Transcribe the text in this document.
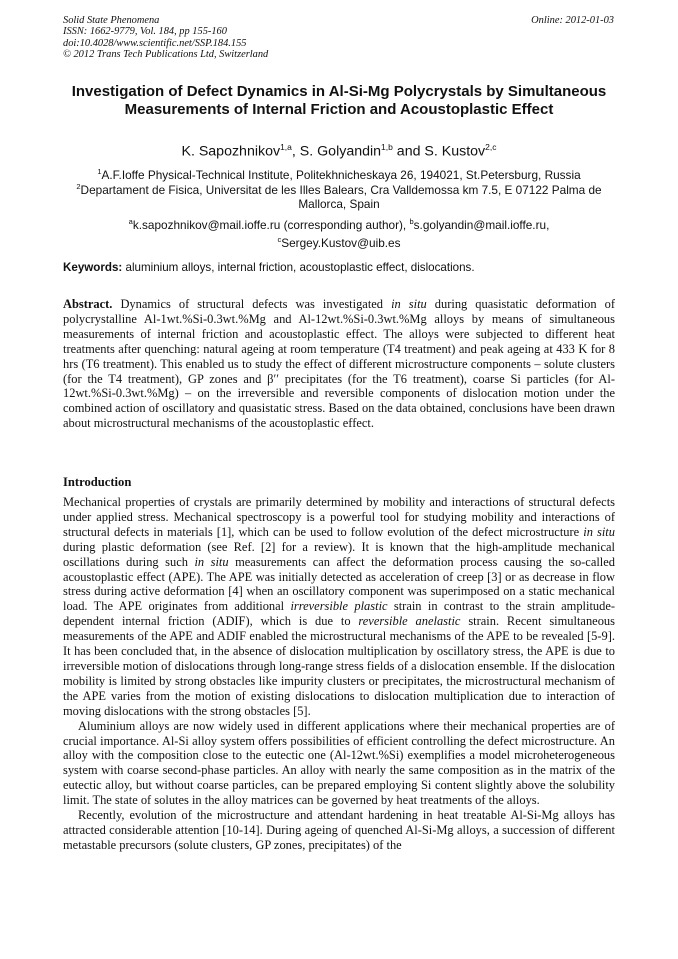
Solid State Phenomena
ISSN: 1662-9779, Vol. 184, pp 155-160
doi:10.4028/www.scientific.net/SSP.184.155
© 2012 Trans Tech Publications Ltd, Switzerland
Online: 2012-01-03
Investigation of Defect Dynamics in Al-Si-Mg Polycrystals by Simultaneous Measurements of Internal Friction and Acoustoplastic Effect
K. Sapozhnikov$^{1,a}$, S. Golyandin$^{1,b}$ and S. Kustov$^{2,c}$
$^1$A.F.Ioffe Physical-Technical Institute, Politekhnicheskaya 26, 194021, St.Petersburg, Russia
$^2$Departament de Fisica, Universitat de les Illes Balears, Cra Valldemossa km 7.5, E 07122 Palma de Mallorca, Spain
$^a$k.sapozhnikov@mail.ioffe.ru (corresponding author), $^b$s.golyandin@mail.ioffe.ru,
$^c$Sergey.Kustov@uib.es
Keywords: aluminium alloys, internal friction, acoustoplastic effect, dislocations.
Abstract. Dynamics of structural defects was investigated in situ during quasistatic deformation of polycrystalline Al-1wt.%Si-0.3wt.%Mg and Al-12wt.%Si-0.3wt.%Mg alloys by means of simultaneous measurements of internal friction and acoustoplastic effect. The alloys were subjected to different heat treatments after quenching: natural ageing at room temperature (T4 treatment) and peak ageing at 433 K for 8 hrs (T6 treatment). This enabled us to study the effect of different microstructure components – solute clusters (for the T4 treatment), GP zones and β′′ precipitates (for the T6 treatment), coarse Si particles (for Al-12wt.%Si-0.3wt.%Mg) – on the irreversible and reversible components of dislocation motion under the combined action of oscillatory and quasistatic stress. Based on the data obtained, conclusions have been drawn about microstructural mechanisms of the acoustoplastic effect.
Introduction

Mechanical properties of crystals are primarily determined by mobility and interactions of structural defects under applied stress. Mechanical spectroscopy is a powerful tool for studying mobility and interactions of structural defects in materials [1], which can be used to follow evolution of the defect microstructure in situ during plastic deformation (see Ref. [2] for a review). It is known that the high-amplitude mechanical oscillations during such in situ measurements can affect the deformation process causing the so-called acoustoplastic effect (APE). The APE was initially detected as acceleration of creep [3] or as decrease in flow stress during active deformation [4] when an oscillatory component was superimposed on a static mechanical load. The APE originates from additional irreversible plastic strain in contrast to the strain amplitude-dependent internal friction (ADIF), which is due to reversible anelastic strain. Recent simultaneous measurements of the APE and ADIF enabled the microstructural mechanisms of the APE to be revealed [5-9]. It has been concluded that, in the absence of dislocation multiplication by oscillatory stress, the APE is due to irreversible motion of dislocations through long-range stress fields of a dislocation ensemble. If the dislocation mobility is limited by strong obstacles like impurity clusters or precipitates, the microstructural mechanism of the APE varies from the motion of existing dislocations to dislocation multiplication due to interaction of moving dislocations with the strong obstacles [5].

Aluminium alloys are now widely used in different applications where their mechanical properties are of crucial importance. Al-Si alloy system offers possibilities of efficient controlling the defect microstructure. An alloy with the composition close to the eutectic one (Al-12wt.%Si) exemplifies a model microheterogeneous system with coarse second-phase particles. An alloy with nearly the same composition as in the matrix of the eutectic alloy, but without coarse particles, can be prepared employing Si content slightly above the solubility limit. The state of solutes in the alloy matrices can be governed by heat treatments of the alloys.

Recently, evolution of the microstructure and attendant hardening in heat treatable Al-Si-Mg alloys has attracted considerable attention [10-14]. During ageing of quenched Al-Si-Mg alloys, a succession of different metastable precursors (solute clusters, GP zones, precipitates) of the
